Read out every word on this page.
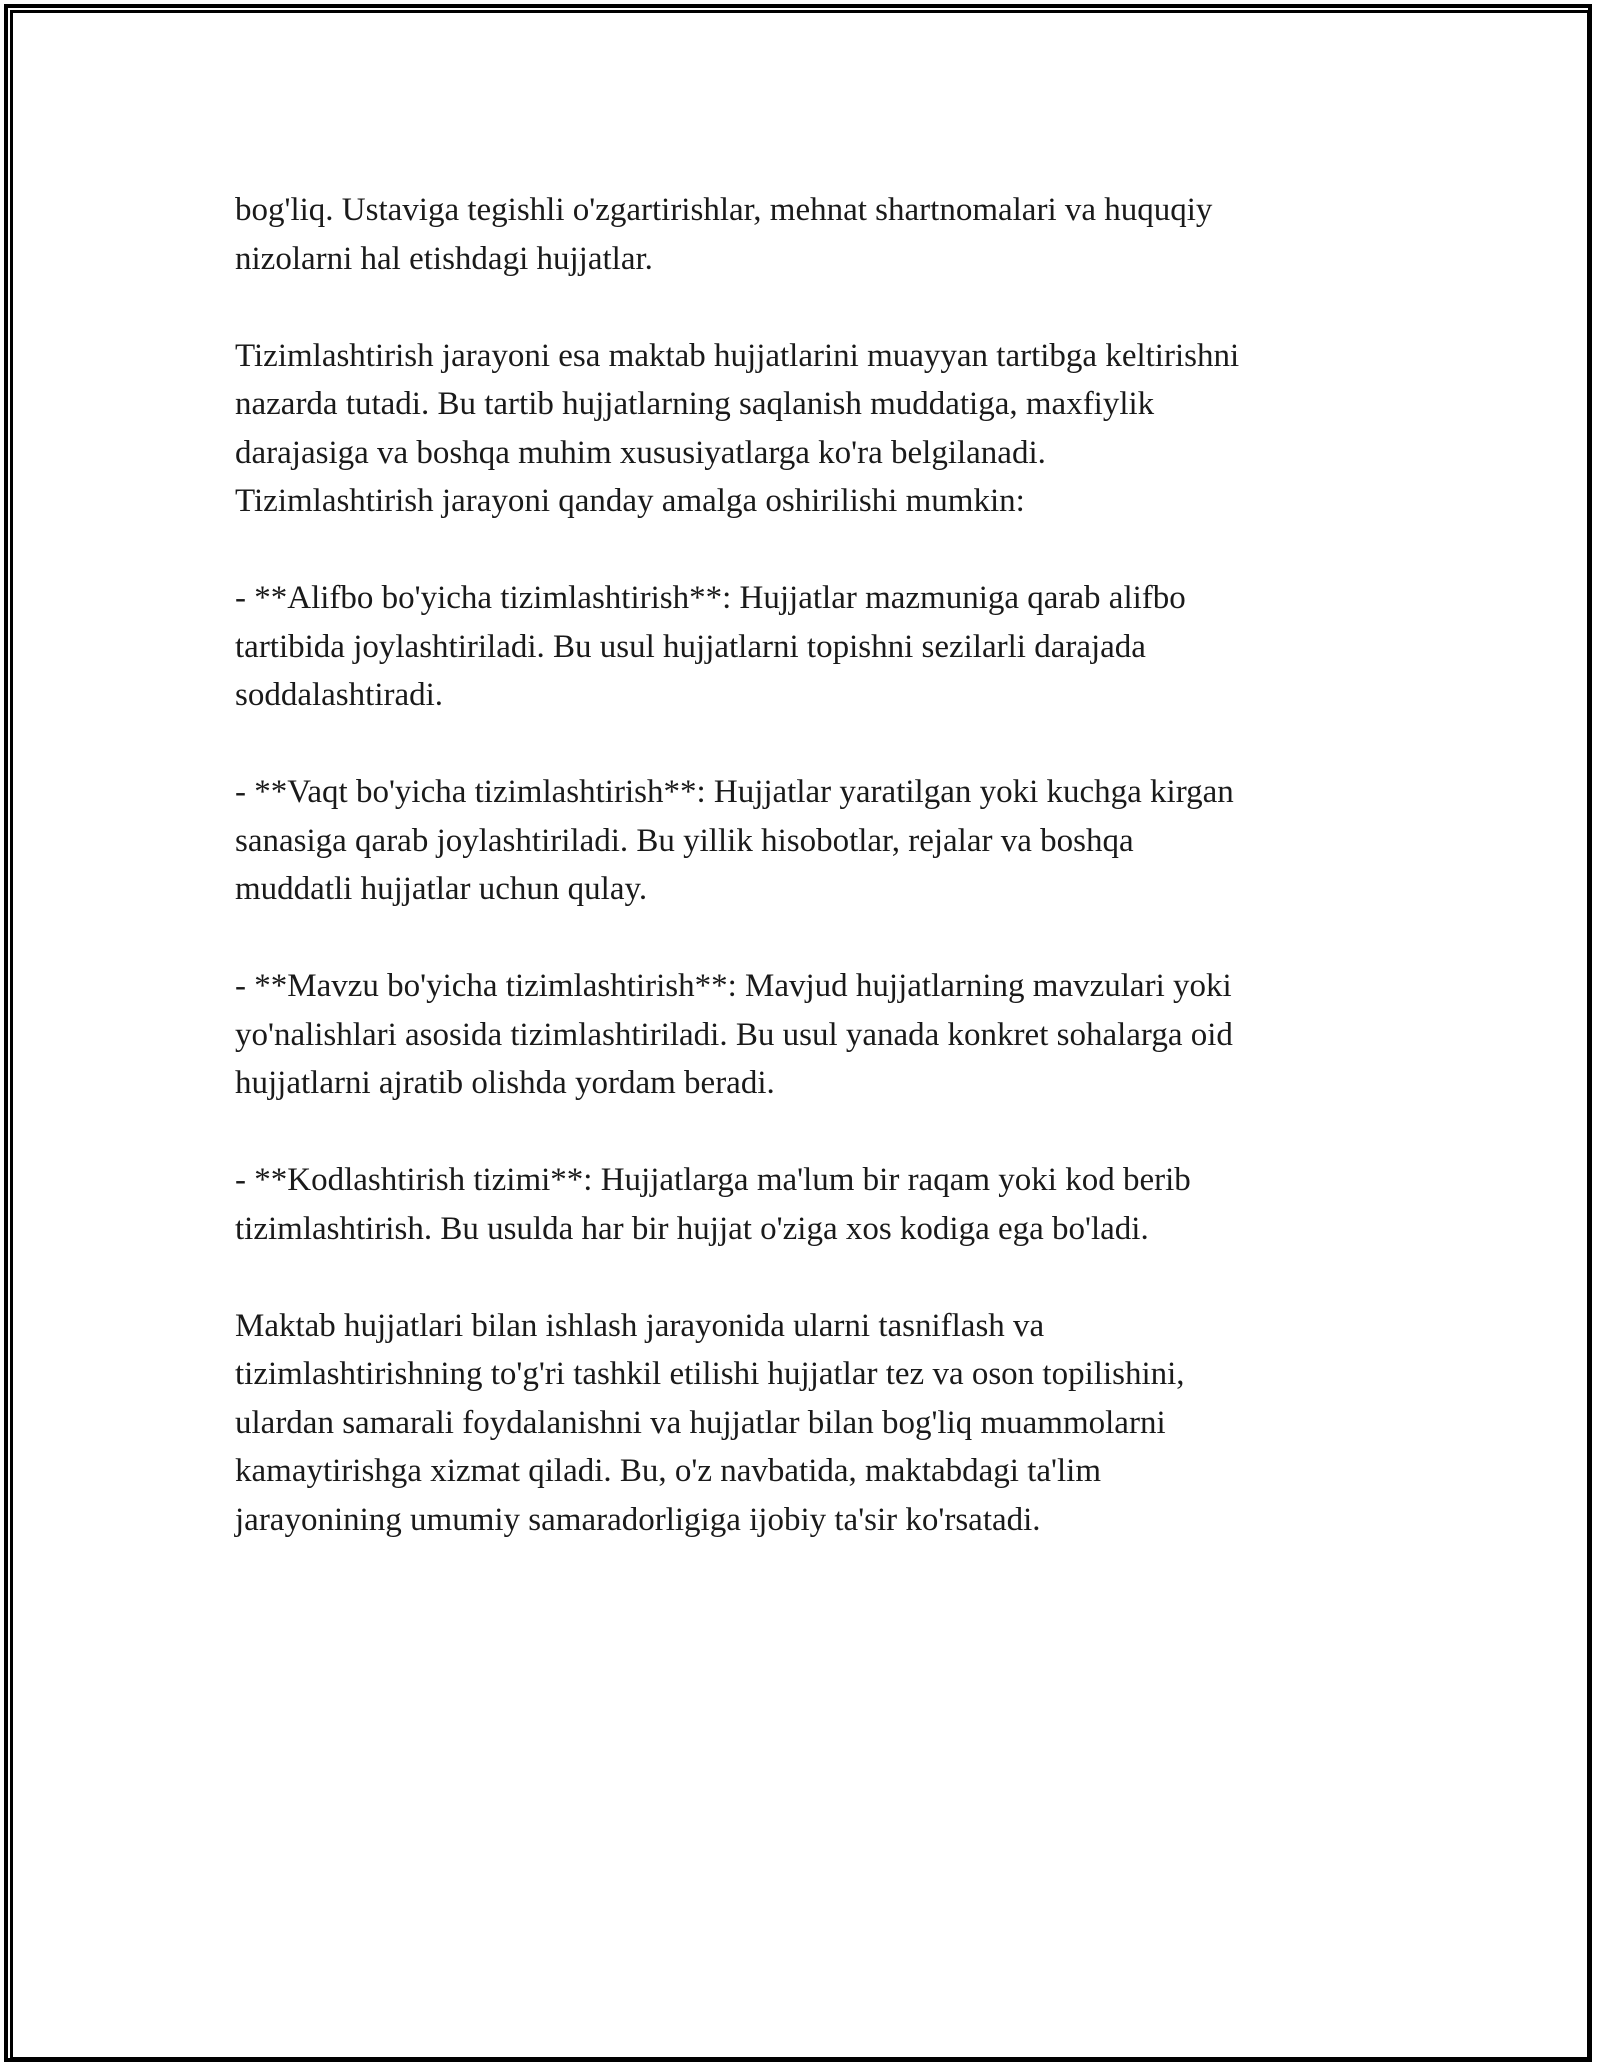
bog'liq. Ustaviga tegishli o'zgartirishlar, mehnat shartnomalari va huquqiy
nizolarni hal etishdagi hujjatlar.

Tizimlashtirish jarayoni esa maktab hujjatlarini muayyan tartibga keltirishni
nazarda tutadi. Bu tartib hujjatlarning saqlanish muddatiga, maxfiylik
darajasiga va boshqa muhim xususiyatlarga ko'ra belgilanadi.
Tizimlashtirish jarayoni qanday amalga oshirilishi mumkin:

- **Alifbo bo'yicha tizimlashtirish**: Hujjatlar mazmuniga qarab alifbo
tartibida joylashtiriladi. Bu usul hujjatlarni topishni sezilarli darajada
soddalashtiradi.

- **Vaqt bo'yicha tizimlashtirish**: Hujjatlar yaratilgan yoki kuchga kirgan
sanasiga qarab joylashtiriladi. Bu yillik hisobotlar, rejalar va boshqa
muddatli hujjatlar uchun qulay.

- **Mavzu bo'yicha tizimlashtirish**: Mavjud hujjatlarning mavzulari yoki
yo'nalishlari asosida tizimlashtiriladi. Bu usul yanada konkret sohalarga oid
hujjatlarni ajratib olishda yordam beradi.

- **Kodlashtirish tizimi**: Hujjatlarga ma'lum bir raqam yoki kod berib
tizimlashtirish. Bu usulda har bir hujjat o'ziga xos kodiga ega bo'ladi.

Maktab hujjatlari bilan ishlash jarayonida ularni tasniflash va
tizimlashtirishning to'g'ri tashkil etilishi hujjatlar tez va oson topilishini,
ulardan samarali foydalanishni va hujjatlar bilan bog'liq muammolarni
kamaytirishga xizmat qiladi. Bu, o'z navbatida, maktabdagi ta'lim
jarayonining umumiy samaradorligiga ijobiy ta'sir ko'rsatadi.
